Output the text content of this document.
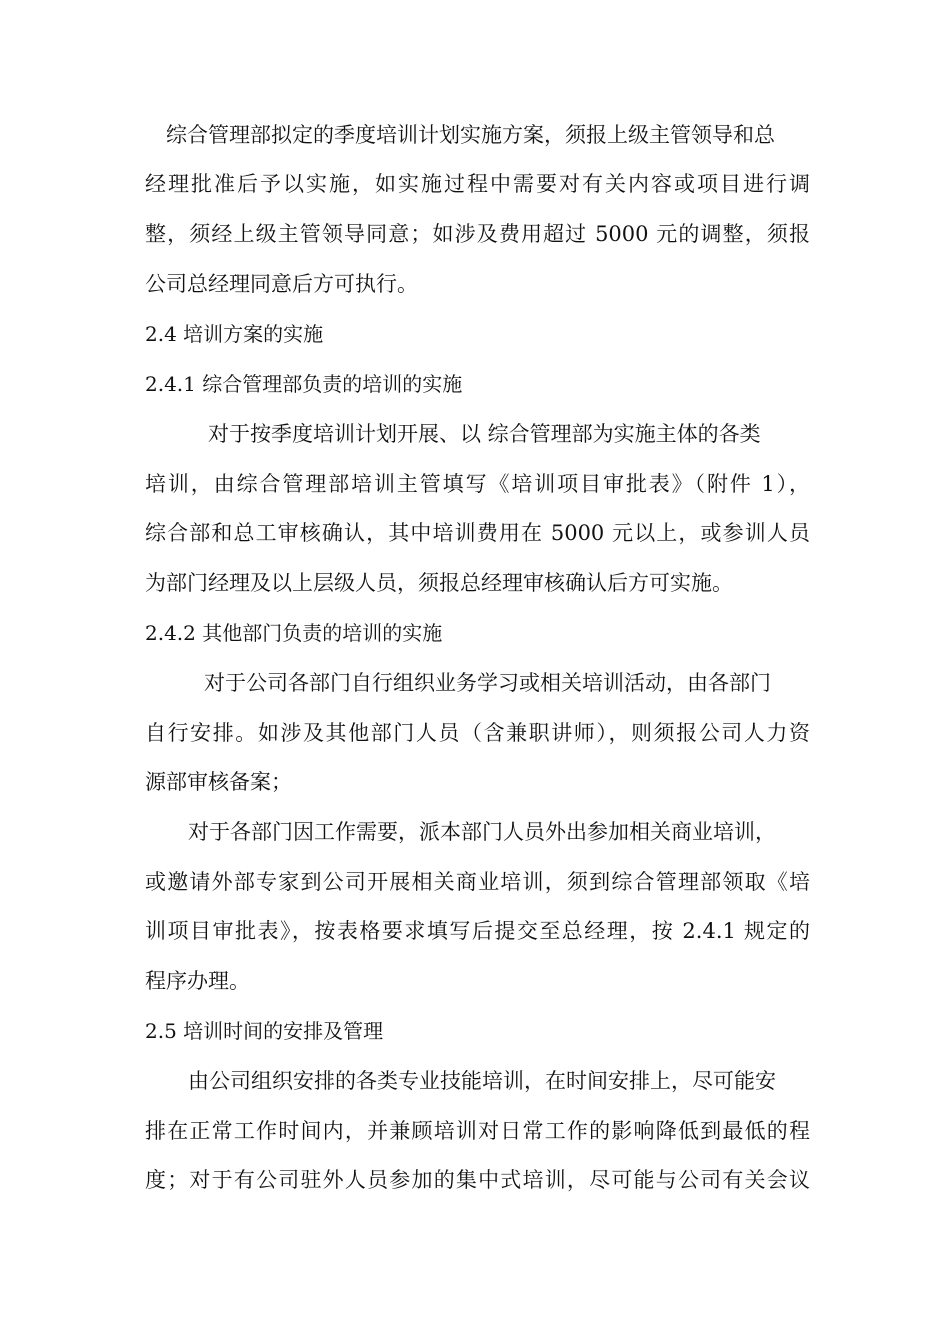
综合管理部拟定的季度培训计划实施方案，须报上级主管领导和总
经理批准后予以实施，如实施过程中需要对有关内容或项目进行调
整，须经上级主管领导同意；如涉及费用超过 5000 元的调整，须报
公司总经理同意后方可执行。
2.4 培训方案的实施
2.4.1 综合管理部负责的培训的实施
对于按季度培训计划开展、以 综合管理部为实施主体的各类
培训，由综合管理部培训主管填写《培训项目审批表》（附件 1），
综合部和总工审核确认，其中培训费用在 5000 元以上，或参训人员
为部门经理及以上层级人员，须报总经理审核确认后方可实施。
2.4.2 其他部门负责的培训的实施
对于公司各部门自行组织业务学习或相关培训活动，由各部门
自行安排。如涉及其他部门人员（含兼职讲师），则须报公司人力资
源部审核备案；
对于各部门因工作需要，派本部门人员外出参加相关商业培训，
或邀请外部专家到公司开展相关商业培训，须到综合管理部领取《培
训项目审批表》，按表格要求填写后提交至总经理，按 2.4.1 规定的
程序办理。
2.5 培训时间的安排及管理
由公司组织安排的各类专业技能培训，在时间安排上，尽可能安
排在正常工作时间内，并兼顾培训对日常工作的影响降低到最低的程
度；对于有公司驻外人员参加的集中式培训，尽可能与公司有关会议
